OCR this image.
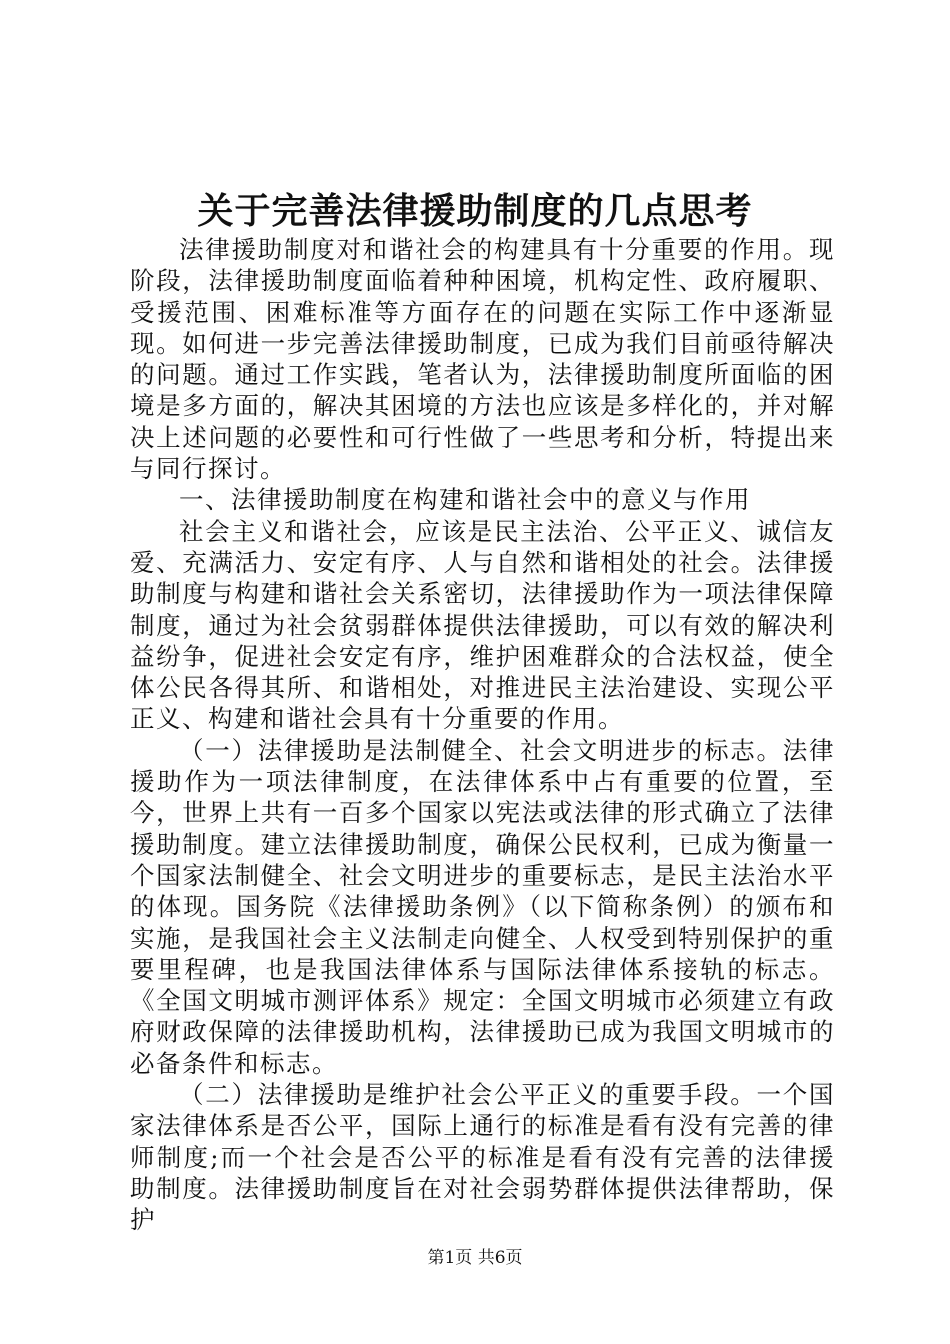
关于完善法律援助制度的几点思考

法律援助制度对和谐社会的构建具有十分重要的作用。现阶段，法律援助制度面临着种种困境，机构定性、政府履职、受援范围、困难标准等方面存在的问题在实际工作中逐渐显现。如何进一步完善法律援助制度，已成为我们目前亟待解决的问题。通过工作实践，笔者认为，法律援助制度所面临的困境是多方面的，解决其困境的方法也应该是多样化的，并对解决上述问题的必要性和可行性做了一些思考和分析，特提出来与同行探讨。

一、法律援助制度在构建和谐社会中的意义与作用

社会主义和谐社会，应该是民主法治、公平正义、诚信友爱、充满活力、安定有序、人与自然和谐相处的社会。法律援助制度与构建和谐社会关系密切，法律援助作为一项法律保障制度，通过为社会贫弱群体提供法律援助，可以有效的解决利益纷争，促进社会安定有序，维护困难群众的合法权益，使全体公民各得其所、和谐相处，对推进民主法治建设、实现公平正义、构建和谐社会具有十分重要的作用。

（一）法律援助是法制健全、社会文明进步的标志。法律援助作为一项法律制度，在法律体系中占有重要的位置，至今，世界上共有一百多个国家以宪法或法律的形式确立了法律援助制度。建立法律援助制度，确保公民权利，已成为衡量一个国家法制健全、社会文明进步的重要标志，是民主法治水平的体现。国务院《法律援助条例》（以下简称条例）的颁布和实施，是我国社会主义法制走向健全、人权受到特别保护的重要里程碑，也是我国法律体系与国际法律体系接轨的标志。《全国文明城市测评体系》规定：全国文明城市必须建立有政府财政保障的法律援助机构，法律援助已成为我国文明城市的必备条件和标志。

（二）法律援助是维护社会公平正义的重要手段。一个国家法律体系是否公平，国际上通行的标准是看有没有完善的律师制度;而一个社会是否公平的标准是看有没有完善的法律援助制度。法律援助制度旨在对社会弱势群体提供法律帮助，保护

第1页 共6页
